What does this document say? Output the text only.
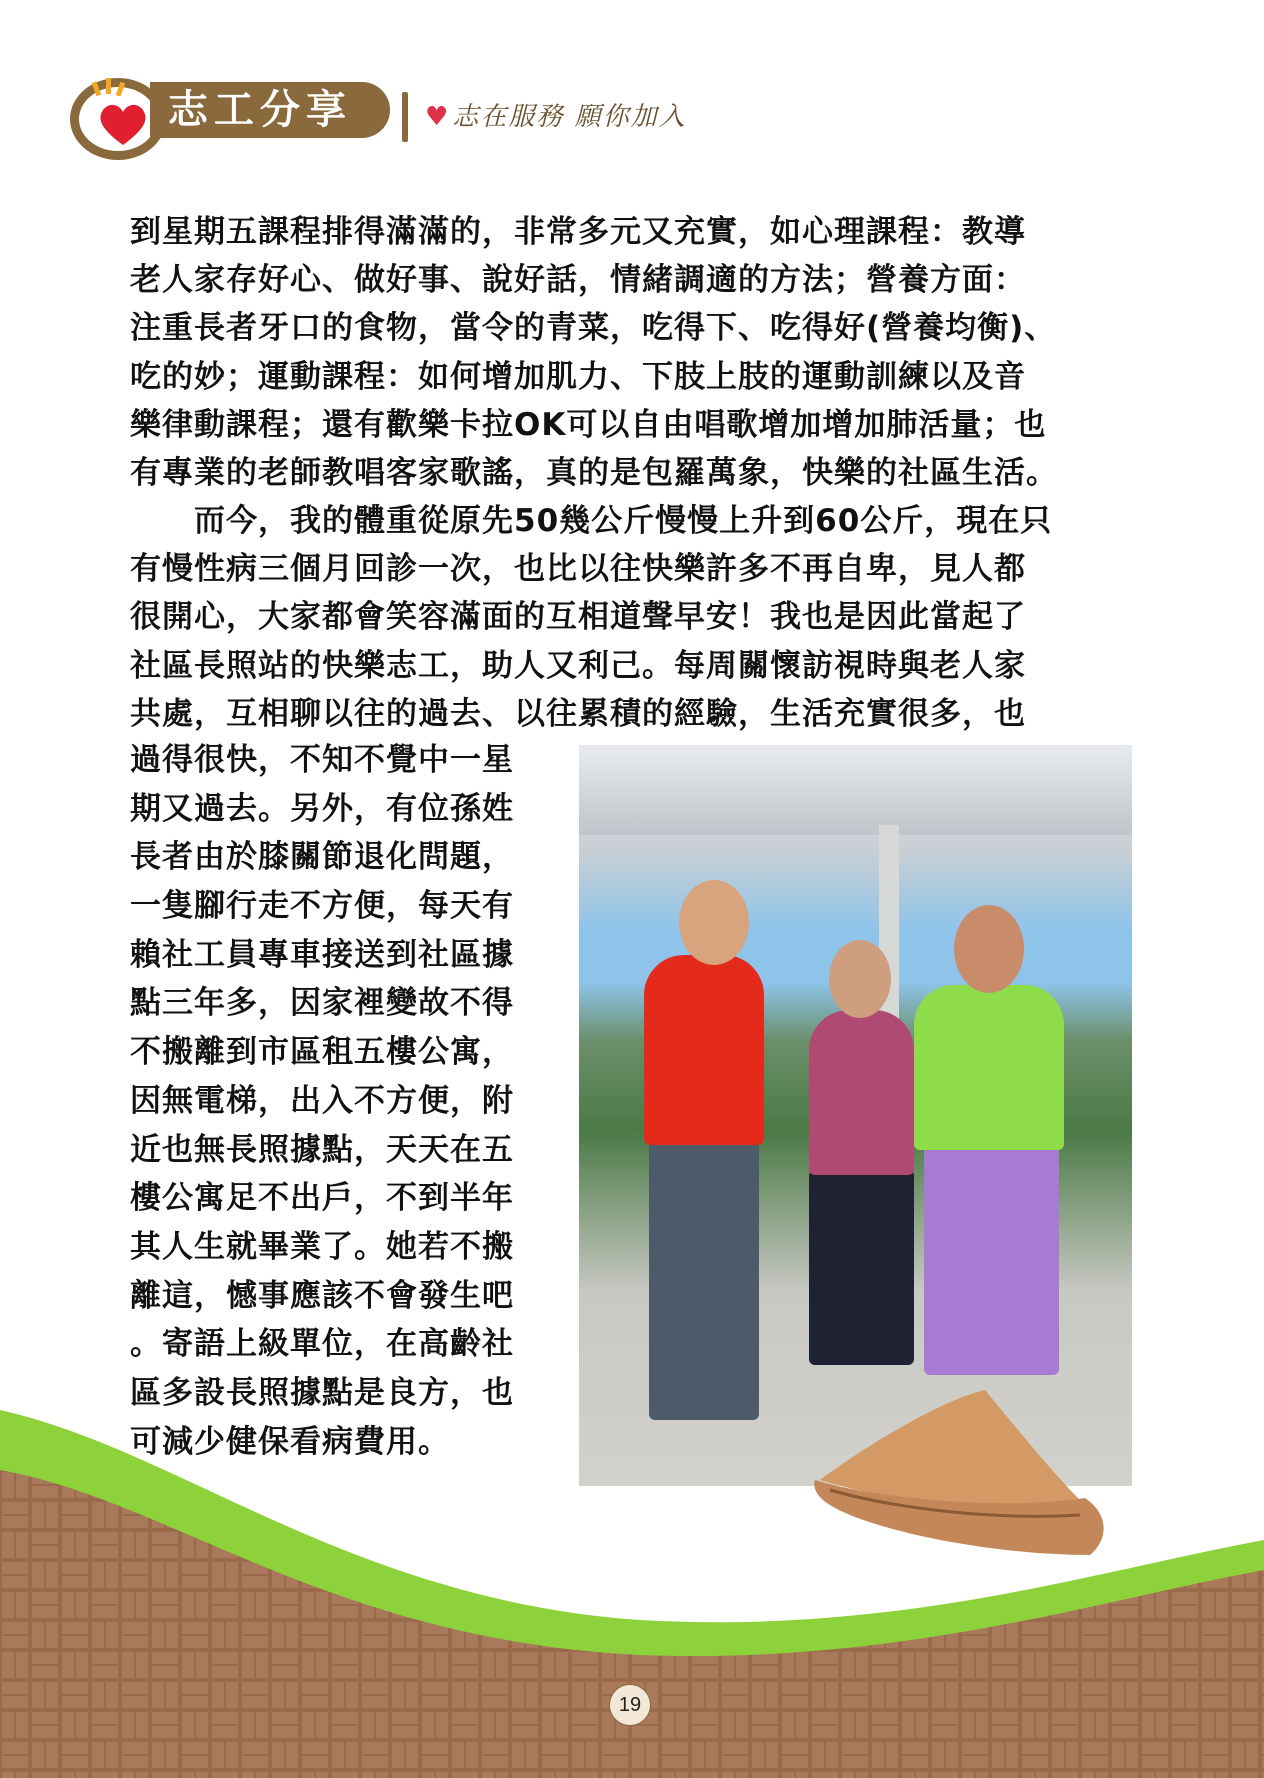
志工分享	♥志在服務 願你加入
到星期五課程排得滿滿的，非常多元又充實，如心理課程：教導
老人家存好心、做好事、說好話，情緒調適的方法；營養方面：
注重長者牙口的食物，當令的青菜，吃得下、吃得好(營養均衡)、
吃的妙；運動課程：如何增加肌力、下肢上肢的運動訓練以及音
樂律動課程；還有歡樂卡拉OK可以自由唱歌增加增加肺活量；也
有專業的老師教唱客家歌謠，真的是包羅萬象，快樂的社區生活。
　　而今，我的體重從原先50幾公斤慢慢上升到60公斤，現在只
有慢性病三個月回診一次，也比以往快樂許多不再自卑，見人都
很開心，大家都會笑容滿面的互相道聲早安！我也是因此當起了
社區長照站的快樂志工，助人又利己。每周關懷訪視時與老人家
共處，互相聊以往的過去、以往累積的經驗，生活充實很多，也
過得很快，不知不覺中一星
期又過去。另外，有位孫姓
長者由於膝關節退化問題，
一隻腳行走不方便，每天有
賴社工員專車接送到社區據
點三年多，因家裡變故不得
不搬離到市區租五樓公寓，
因無電梯，出入不方便，附
近也無長照據點，天天在五
樓公寓足不出戶，不到半年
其人生就畢業了。她若不搬
離這，憾事應該不會發生吧
。寄語上級單位，在高齡社
區多設長照據點是良方，也
可減少健保看病費用。
19
